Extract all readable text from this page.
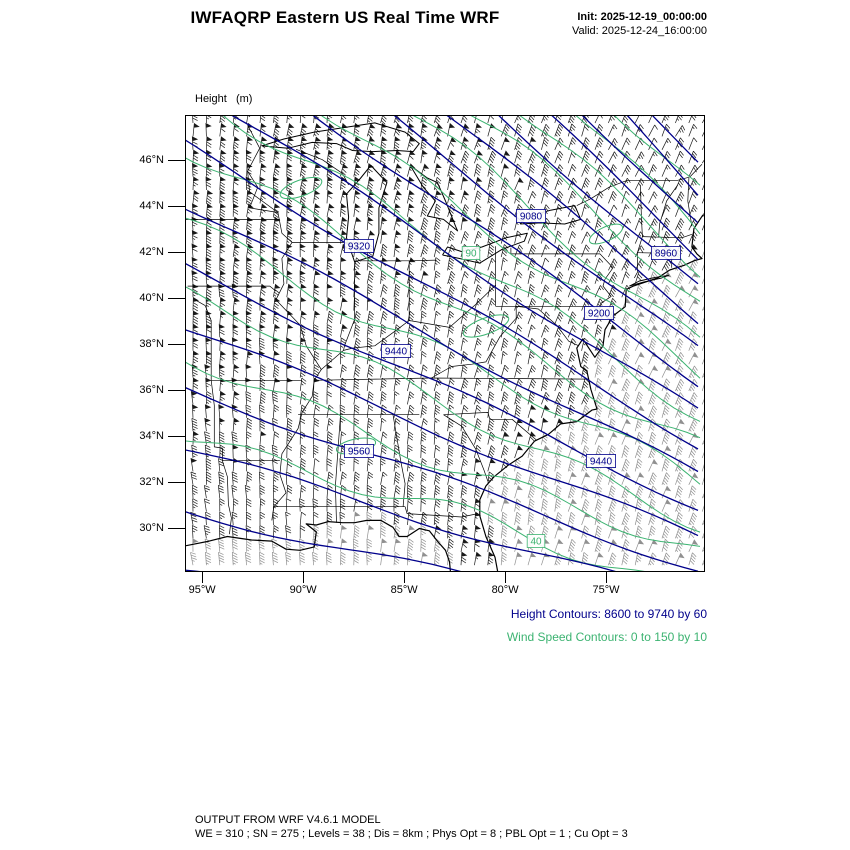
IWFAQRP Eastern US Real Time WRF	Init: 2025-12-19_00:00:00
Valid: 2025-12-24_16:00:00

Height   (m)

9320
9080
8960
9200
9440
9440
9560
90
40
46°N
44°N
42°N
40°N
38°N
36°N
34°N
32°N
30°N
95°W	90°W	85°W	80°W	75°W
Height Contours: 8600 to 9740 by 60
Wind Speed Contours: 0 to 150 by 10
OUTPUT FROM WRF V4.6.1 MODEL
WE = 310 ; SN = 275 ; Levels = 38 ; Dis = 8km ; Phys Opt = 8 ; PBL Opt = 1 ; Cu Opt = 3
